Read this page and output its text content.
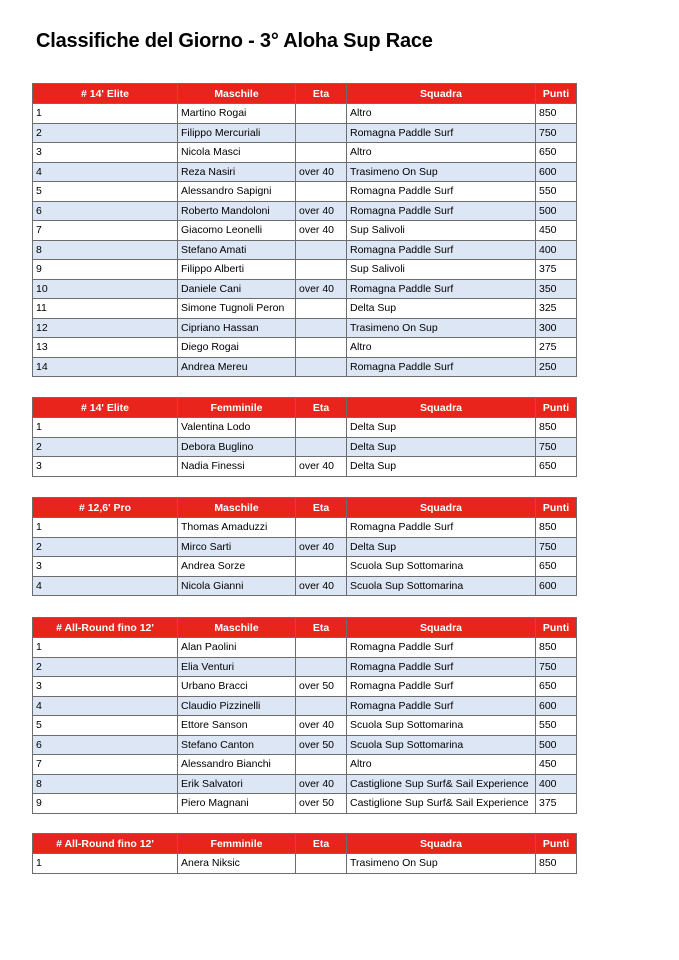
Classifiche del Giorno - 3° Aloha Sup Race
# 14' Elite	Maschile	Eta	Squadra	Punti
1	Martino Rogai		Altro	850
2	Filippo Mercuriali		Romagna Paddle Surf	750
3	Nicola Masci		Altro	650
4	Reza Nasiri	over 40	Trasimeno On Sup	600
5	Alessandro Sapigni		Romagna Paddle Surf	550
6	Roberto Mandoloni	over 40	Romagna Paddle Surf	500
7	Giacomo Leonelli	over 40	Sup Salivoli	450
8	Stefano Amati		Romagna Paddle Surf	400
9	Filippo Alberti		Sup Salivoli	375
10	Daniele Cani	over 40	Romagna Paddle Surf	350
11	Simone Tugnoli Peron		Delta Sup	325
12	Cipriano Hassan		Trasimeno On Sup	300
13	Diego Rogai		Altro	275
14	Andrea Mereu		Romagna Paddle Surf	250
# 14' Elite	Femminile	Eta	Squadra	Punti
1	Valentina Lodo		Delta Sup	850
2	Debora Buglino		Delta Sup	750
3	Nadia Finessi	over 40	Delta Sup	650
# 12,6' Pro	Maschile	Eta	Squadra	Punti
1	Thomas Amaduzzi		Romagna Paddle Surf	850
2	Mirco Sarti	over 40	Delta Sup	750
3	Andrea Sorze		Scuola Sup Sottomarina	650
4	Nicola Gianni	over 40	Scuola Sup Sottomarina	600
# All-Round fino 12'	Maschile	Eta	Squadra	Punti
1	Alan Paolini		Romagna Paddle Surf	850
2	Elia Venturi		Romagna Paddle Surf	750
3	Urbano Bracci	over 50	Romagna Paddle Surf	650
4	Claudio Pizzinelli		Romagna Paddle Surf	600
5	Ettore Sanson	over 40	Scuola Sup Sottomarina	550
6	Stefano Canton	over 50	Scuola Sup Sottomarina	500
7	Alessandro Bianchi		Altro	450
8	Erik Salvatori	over 40	Castiglione Sup Surf& Sail Experience	400
9	Piero Magnani	over 50	Castiglione Sup Surf& Sail Experience	375
# All-Round fino 12'	Femminile	Eta	Squadra	Punti
1	Anera Niksic		Trasimeno On Sup	850
